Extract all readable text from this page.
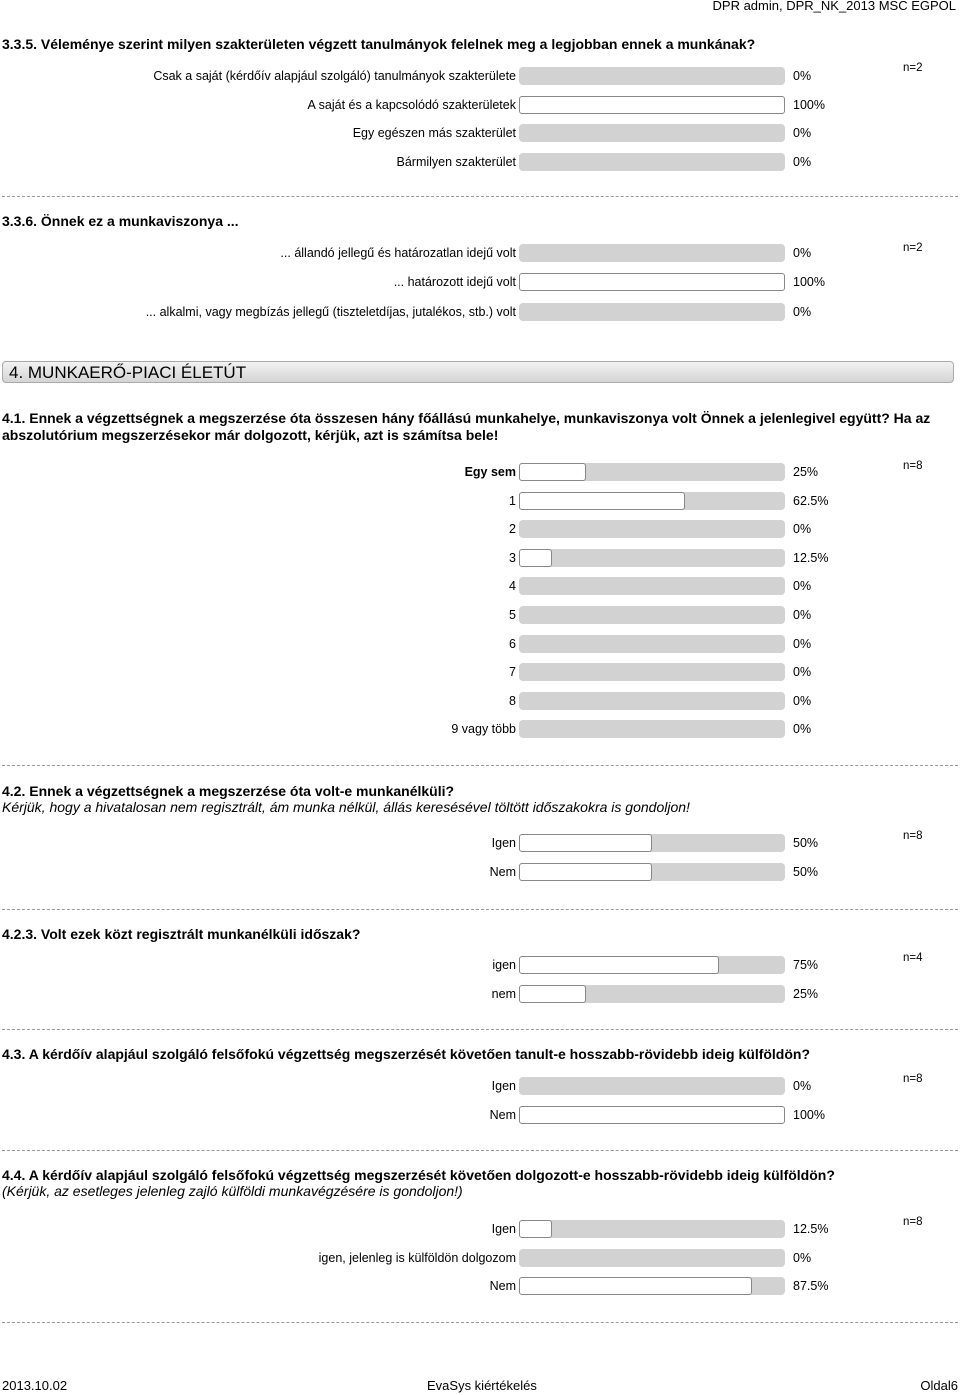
DPR admin, DPR_NK_2013 MSC EGPOL
3.3.5. Véleménye szerint milyen szakterületen végzett tanulmányok felelnek meg a legjobban ennek a munkának?
n=2
Csak a saját (kérdőív alapjául szolgáló) tanulmányok szakterülete	0%
A saját és a kapcsolódó szakterületek	100%
Egy egészen más szakterület	0%
Bármilyen szakterület	0%
3.3.6. Önnek ez a munkaviszonya ...
n=2
... állandó jellegű és határozatlan idejű volt	0%
... határozott idejű volt	100%
... alkalmi, vagy megbízás jellegű (tiszteletdíjas, jutalékos, stb.) volt	0%
4.1. Ennek a végzettségnek a megszerzése óta összesen hány főállású munkahelye, munkaviszonya volt Önnek a jelenlegivel együtt? Ha az abszolutórium megszerzésekor már dolgozott, kérjük, azt is számítsa bele!
n=8
Egy sem	25%
1	62.5%
2	0%
3	12.5%
4	0%
5	0%
6	0%
7	0%
8	0%
9 vagy több	0%
4.2. Ennek a végzettségnek a megszerzése óta volt-e munkanélküli?
Kérjük, hogy a hivatalosan nem regisztrált, ám munka nélkül, állás keresésével töltött időszakokra is gondoljon!
n=8
Igen	50%
Nem	50%
4.2.3. Volt ezek közt regisztrált munkanélküli időszak?
n=4
igen	75%
nem	25%
4.3. A kérdőív alapjául szolgáló felsőfokú végzettség megszerzését követően tanult-e hosszabb-rövidebb ideig külföldön?
n=8
Igen	0%
Nem	100%
4.4. A kérdőív alapjául szolgáló felsőfokú végzettség megszerzését követően dolgozott-e hosszabb-rövidebb ideig külföldön?
(Kérjük, az esetleges jelenleg zajló külföldi munkavégzésére is gondoljon!)
n=8
Igen	12.5%
igen, jelenleg is külföldön dolgozom	0%
Nem	87.5%
4. MUNKAERŐ-PIACI ÉLETÚT
2013.10.02	EvaSys kiértékelés	Oldal6
